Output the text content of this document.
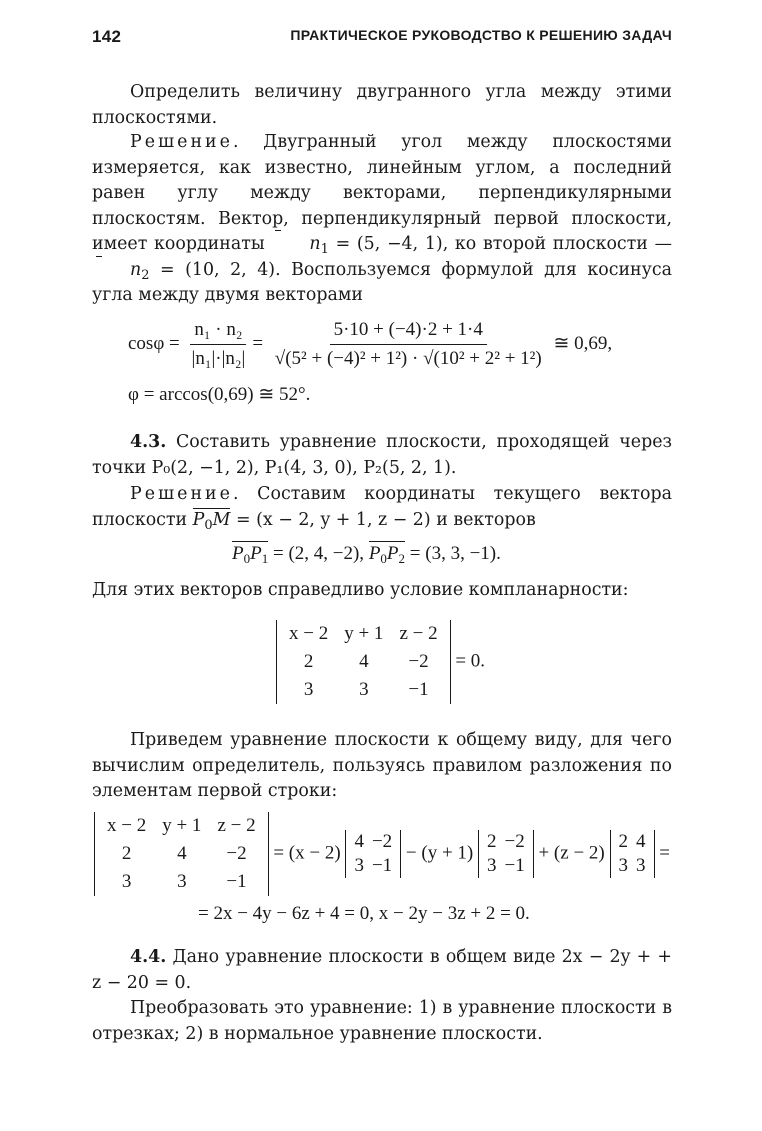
142	ПРАКТИЧЕСКОЕ РУКОВОДСТВО К РЕШЕНИЮ ЗАДАЧ

Определить величину двугранного угла между этими плоскостями.

Решение. Двугранный угол между плоскостями измеряется, как известно, линейным углом, а последний равен углу между векторами, перпендикулярными плоскостям. Вектор, перпендикулярный первой плоскости, имеет координаты $n_1 = (5$, −4, 1), ко второй плоскости — $n_2 = (10$, 2, 4). Воспользуемся формулой для косинуса угла между двумя векторами

$\cos\varphi = \frac{\text{n₁ · n₂}}{\text{|n₁|·|n₂|}} = \frac{5\cdot 10 + (-4)\cdot 2 + 1\cdot 4}{\text{√(5² + (−4)² + 1²) · √(10² + 2² + 1²)}}$ ≅ 0,69,
φ = arccos(0,69) ≅ 52°.

4.3. Составить уравнение плоскости, проходящей через точки P₀(2, −1, 2), P₁(4, 3, 0), P₂(5, 2, 1).

Решение. Составим координаты текущего вектора плоскости $P_0M = (x - 2$, y + 1, z − 2) и векторов

$P_0P_1 = (2$, 4, −2), $P_0P_2 = (3$, 3, −1).

Для этих векторов справедливо условие компланарности:

x − 2	y + 1	z − 2
2	4	−2
3	3	−1
= 0.

Приведем уравнение плоскости к общему виду, для чего вычислим определитель, пользуясь правилом разложения по элементам первой строки:

x − 2	y + 1	z − 2
2	4	−2
3	3	−1
= (x − 2)
4	−2
3	−1
− (y + 1)
2	−2
3	−1
+ (z − 2)
2	4
3	3
=
= 2x − 4y − 6z + 4 = 0, x − 2y − 3z + 2 = 0.

4.4. Дано уравнение плоскости в общем виде 2x − 2y + + z − 20 = 0.

Преобразовать это уравнение: 1) в уравнение плоскости в отрезках; 2) в нормальное уравнение плоскости.
